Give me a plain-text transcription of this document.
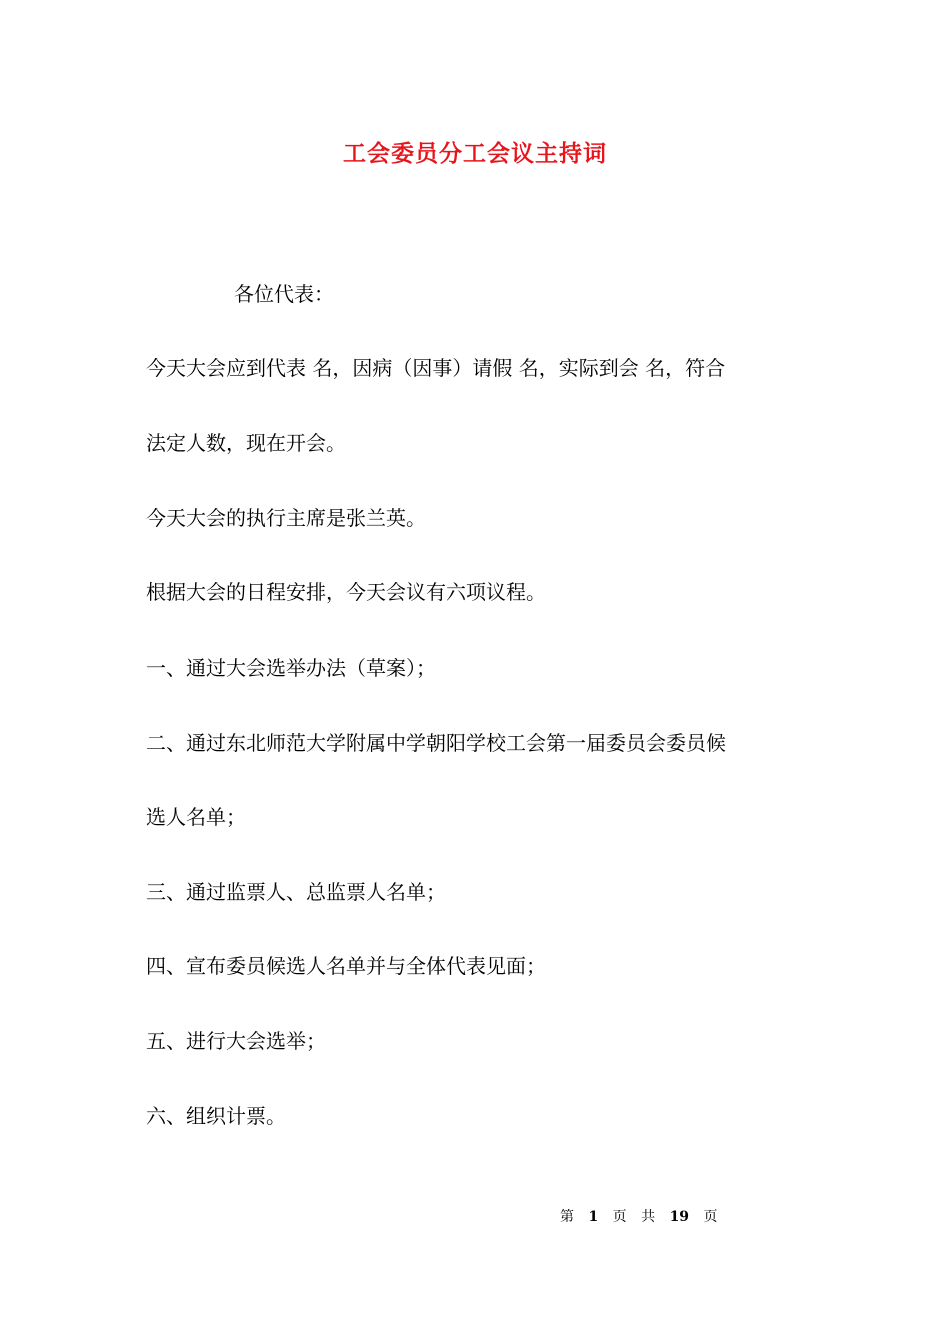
工会委员分工会议主持词

各位代表：

今天大会应到代表 名，因病（因事）请假 名，实际到会 名，符合

法定人数，现在开会。

今天大会的执行主席是张兰英。

根据大会的日程安排，今天会议有六项议程。

一、通过大会选举办法（草案）；

二、通过东北师范大学附属中学朝阳学校工会第一届委员会委员候

选人名单；

三、通过监票人、总监票人名单；

四、宣布委员候选人名单并与全体代表见面；

五、进行大会选举；

六、组织计票。

第 1 页 共 19 页
